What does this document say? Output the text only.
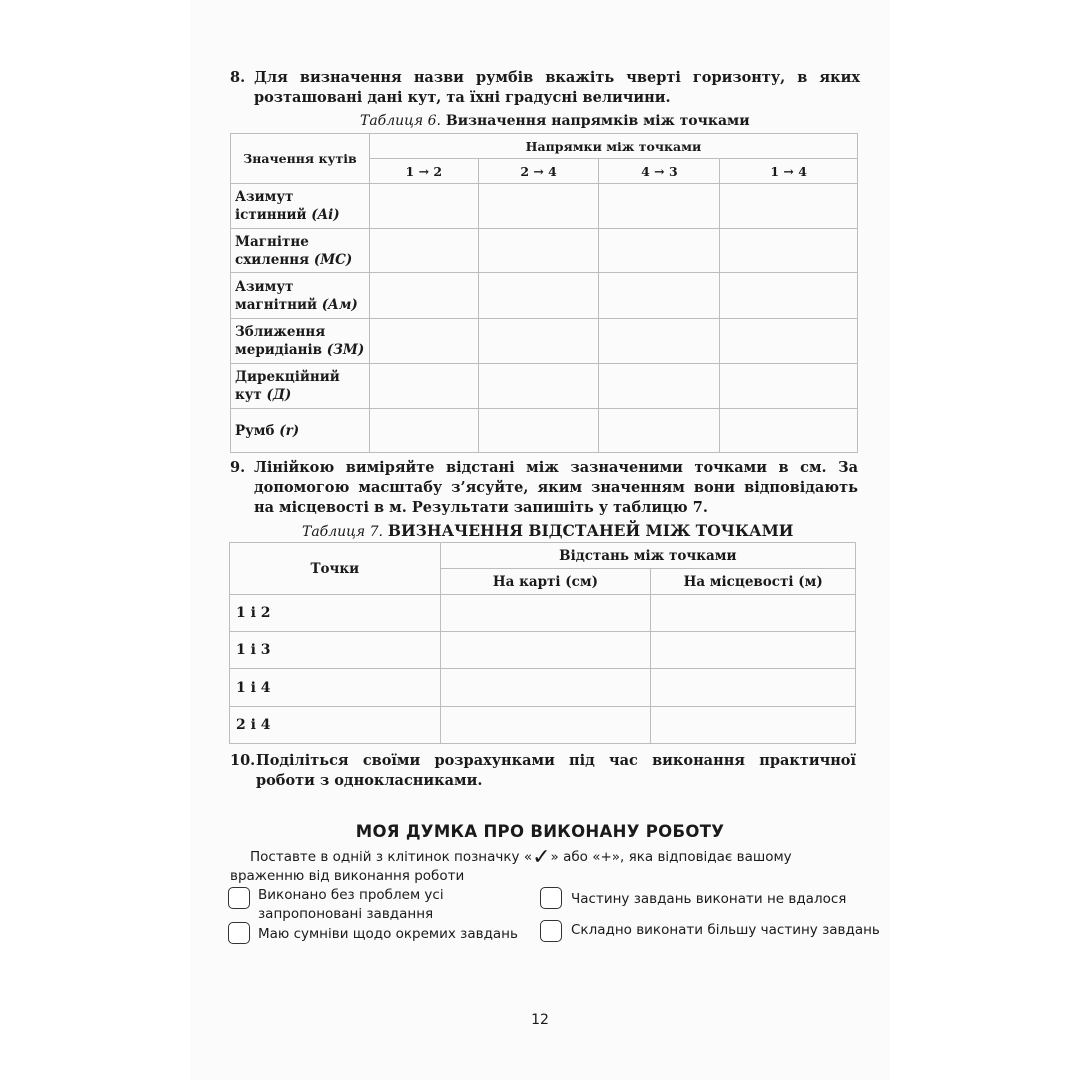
8. Для визначення назви румбів вкажіть чверті горизонту, в яких розташовані дані кут, та їхні градусні величини.
Таблиця 6. Визначення напрямків між точками
Значення кутів	Напрямки між точками			
	1 → 2	2 → 4	4 → 3	1 → 4
Азимут істинний (Aі)				
Магнітне схилення (МС)				
Азимут магнітний (Aм)				
Зближення меридіанів (ЗМ)				
Дирекційний кут (Д)				
Румб (r)				
9. Лінійкою виміряйте відстані між зазначеними точками в см. За допомогою масштабу з’ясуйте, яким значенням вони відповідають на місцевості в м. Результати запишіть у таблицю 7.
Таблиця 7. ВИЗНАЧЕННЯ ВІДСТАНЕЙ МІЖ ТОЧКАМИ
Точки	Відстань між точками	
	На карті (см)	На місцевості (м)
1 і 2		
1 і 3		
1 і 4		
2 і 4		
10. Поділіться своїми розрахунками під час виконання практичної роботи з однокласниками.
МОЯ ДУМКА ПРО ВИКОНАНУ РОБОТУ
Поставте в одній з клітинок позначку «✓» або «+», яка відповідає вашому враженню від виконання роботи
Виконано без проблем усі запропоновані завдання
Маю сумніви щодо окремих завдань
Частину завдань виконати не вдалося
Складно виконати більшу частину завдань
12
